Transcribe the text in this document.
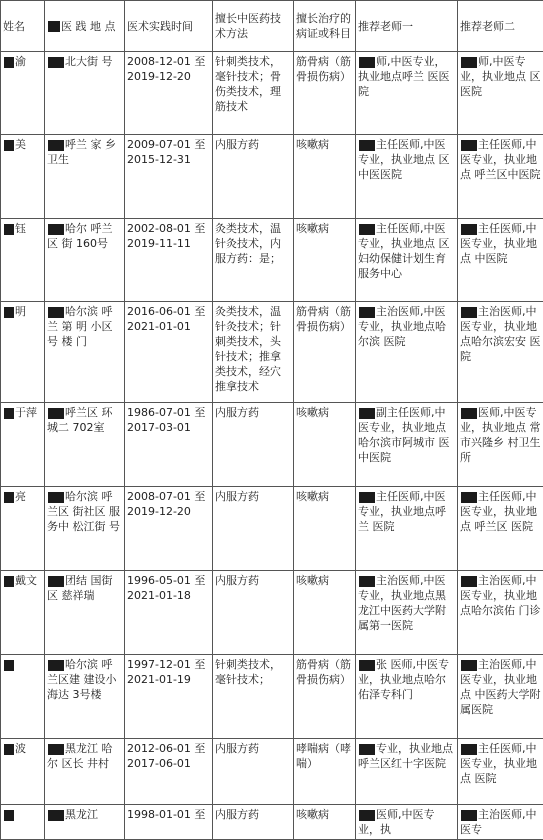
姓名	医 践 地 点	医术实践时间	擅长中医药技术方法	擅长治疗的病证或科目	推荐老师一	推荐老师二
渝	北大街 号	2008-12-01 至 2019-12-20	针刺类技术，毫针技术；骨伤类技术，理筋技术	筋骨病（筋骨损伤病）	师,中医专业，执业地点呼兰 医医院	师,中医专业，执业地点 区 医院
美	呼兰 家 乡卫生	2009-07-01 至 2015-12-31	内服方药	咳嗽病	主任医师,中医专业，执业地点 区中医医院	主任医师,中医专业，执业地点 呼兰区中医院
钰	哈尔 呼兰区 街 160号	2002-08-01 至 2019-11-11	灸类技术，温针灸技术，内服方药：是；	咳嗽病	主任医师,中医专业，执业地点 区妇幼保健计划生育服务中心	主任医师,中医专业，执业地点 中医院
明	哈尔滨 呼兰 第 明 小区 号 楼 门	2016-06-01 至 2021-01-01	灸类技术，温针灸技术；针刺类技术，头针技术；推拿类技术，经穴推拿技术	筋骨病（筋骨损伤病）	主治医师,中医专业，执业地点哈尔滨 医院	主治医师,中医专业，执业地点哈尔滨宏安 医院
于萍	呼兰区 环 城二 702室	1986-07-01 至 2017-03-01	内服方药	咳嗽病	副主任医师,中医专业，执业地点哈尔滨市阿城市 医中医院	医师,中医专业，执业地点 常市兴隆乡 村卫生所
亮	哈尔滨 呼兰区 街社区 服务中 松江街 号	2008-07-01 至 2019-12-20	内服方药	咳嗽病	主任医师,中医专业，执业地点呼兰 医院	主任医师,中医专业，执业地点 呼兰区 医院
戴文	团结 国街 区 慈祥瑞	1996-05-01 至 2021-01-18	内服方药	咳嗽病	主治医师,中医专业，执业地点黑龙江中医药大学附属第一医院	主治医师,中医专业，执业地点哈尔滨佑 门诊
	哈尔滨 呼兰区建 建设小 海达 3号楼	1997-12-01 至 2021-01-19	针刺类技术，毫针技术；	筋骨病（筋骨损伤病）	张 医师,中医专业，执业地点哈尔 佑泽专科门	主治医师,中医专业，执业地点 中医药大学附属医院
波	黑龙江 哈尔 区长 井村	2012-06-01 至 2017-06-01	内服方药	哮喘病（哮喘）	专业，执业地点呼兰区红十字医院	主任医师,中医专业，执业地点 医院
	黑龙江	1998-01-01 至	内服方药	咳嗽病	医师,中医专业，执	主治医师,中医专
